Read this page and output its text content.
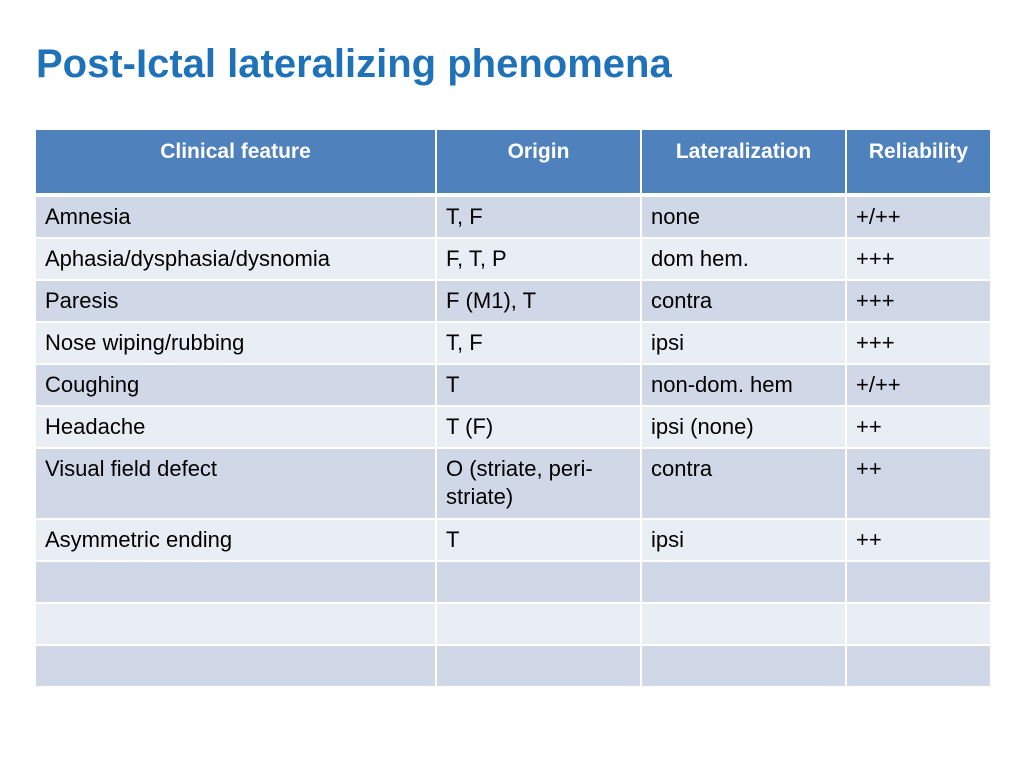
Post-Ictal lateralizing phenomena
Clinical feature	Origin	Lateralization	Reliability
Amnesia	T, F	none	+/++
Aphasia/dysphasia/dysnomia	F, T, P	dom hem.	+++
Paresis	F (M1), T	contra	+++
Nose wiping/rubbing	T, F	ipsi	+++
Coughing	T	non-dom. hem	+/++
Headache	T (F)	ipsi (none)	++
Visual field defect	O (striate, peri-striate)	contra	++
Asymmetric ending	T	ipsi	++
